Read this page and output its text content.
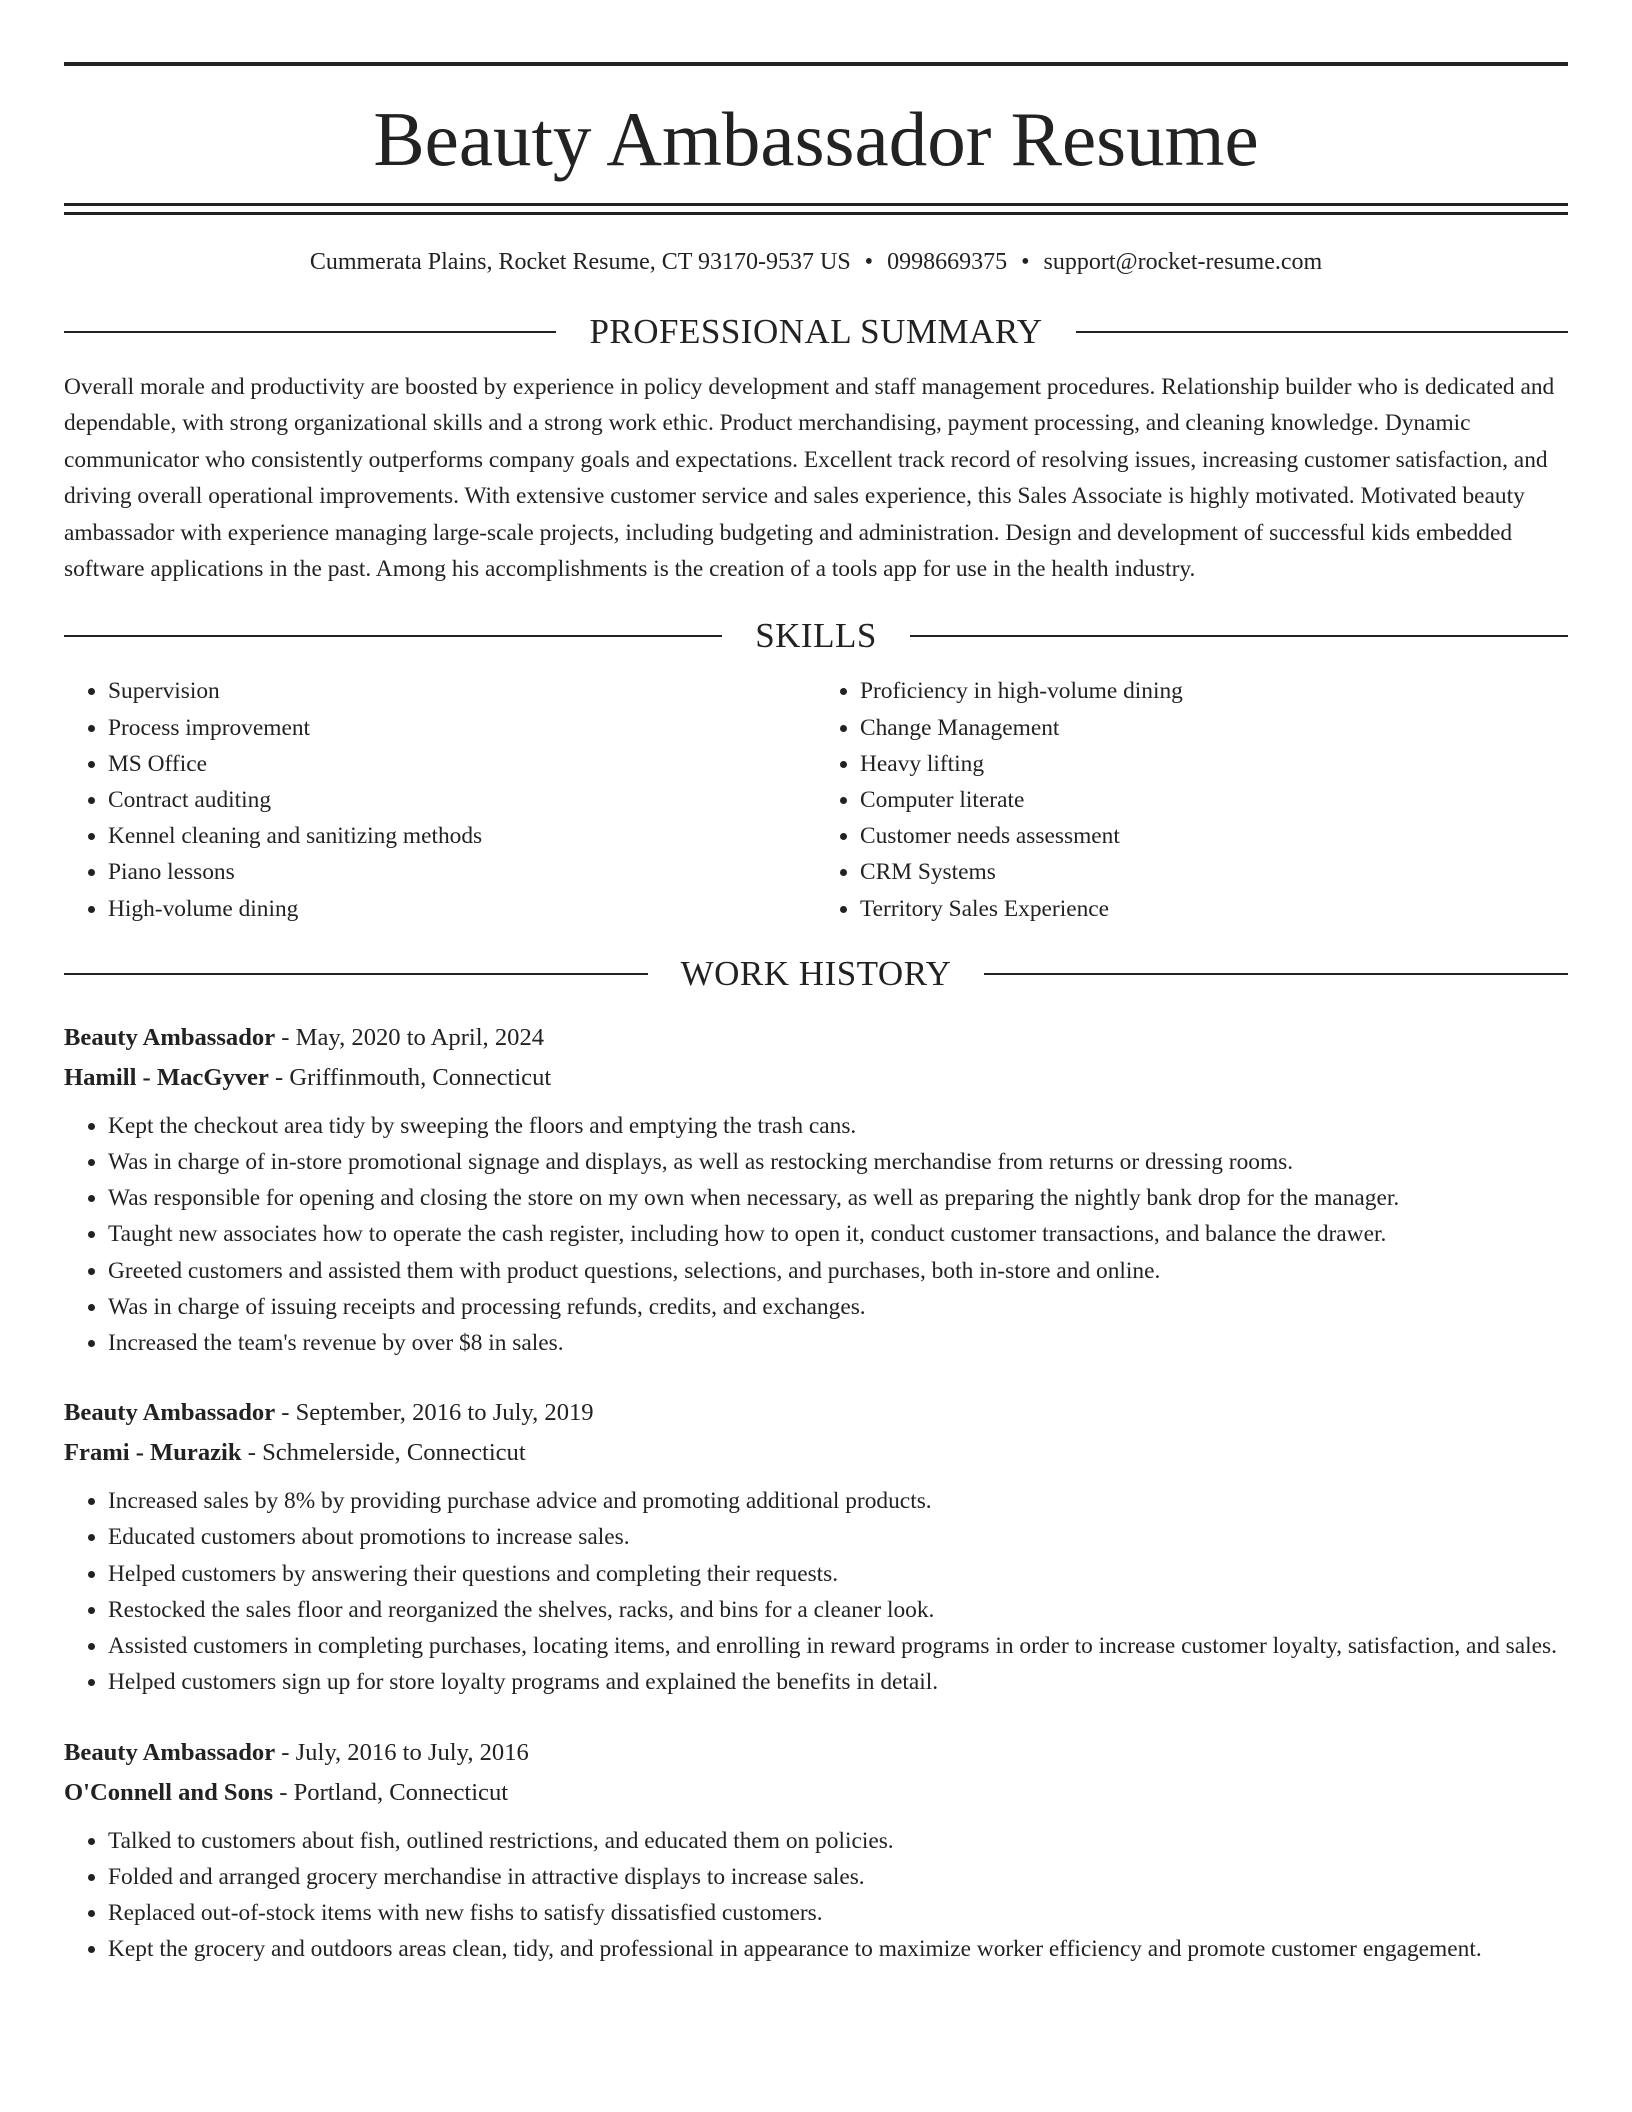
Beauty Ambassador Resume
Cummerata Plains, Rocket Resume, CT 93170-9537 US • 0998669375 • support@rocket-resume.com
PROFESSIONAL SUMMARY
Overall morale and productivity are boosted by experience in policy development and staff management procedures. Relationship builder who is dedicated and dependable, with strong organizational skills and a strong work ethic. Product merchandising, payment processing, and cleaning knowledge. Dynamic communicator who consistently outperforms company goals and expectations. Excellent track record of resolving issues, increasing customer satisfaction, and driving overall operational improvements. With extensive customer service and sales experience, this Sales Associate is highly motivated. Motivated beauty ambassador with experience managing large-scale projects, including budgeting and administration. Design and development of successful kids embedded software applications in the past. Among his accomplishments is the creation of a tools app for use in the health industry.
SKILLS
• Supervision
• Process improvement
• MS Office
• Contract auditing
• Kennel cleaning and sanitizing methods
• Piano lessons
• High-volume dining
• Proficiency in high-volume dining
• Change Management
• Heavy lifting
• Computer literate
• Customer needs assessment
• CRM Systems
• Territory Sales Experience
WORK HISTORY
Beauty Ambassador - May, 2020 to April, 2024
Hamill - MacGyver - Griffinmouth, Connecticut
• Kept the checkout area tidy by sweeping the floors and emptying the trash cans.
• Was in charge of in-store promotional signage and displays, as well as restocking merchandise from returns or dressing rooms.
• Was responsible for opening and closing the store on my own when necessary, as well as preparing the nightly bank drop for the manager.
• Taught new associates how to operate the cash register, including how to open it, conduct customer transactions, and balance the drawer.
• Greeted customers and assisted them with product questions, selections, and purchases, both in-store and online.
• Was in charge of issuing receipts and processing refunds, credits, and exchanges.
• Increased the team's revenue by over $8 in sales.
Beauty Ambassador - September, 2016 to July, 2019
Frami - Murazik - Schmelerside, Connecticut
• Increased sales by 8% by providing purchase advice and promoting additional products.
• Educated customers about promotions to increase sales.
• Helped customers by answering their questions and completing their requests.
• Restocked the sales floor and reorganized the shelves, racks, and bins for a cleaner look.
• Assisted customers in completing purchases, locating items, and enrolling in reward programs in order to increase customer loyalty, satisfaction, and sales.
• Helped customers sign up for store loyalty programs and explained the benefits in detail.
Beauty Ambassador - July, 2016 to July, 2016
O'Connell and Sons - Portland, Connecticut
• Talked to customers about fish, outlined restrictions, and educated them on policies.
• Folded and arranged grocery merchandise in attractive displays to increase sales.
• Replaced out-of-stock items with new fishs to satisfy dissatisfied customers.
• Kept the grocery and outdoors areas clean, tidy, and professional in appearance to maximize worker efficiency and promote customer engagement.
